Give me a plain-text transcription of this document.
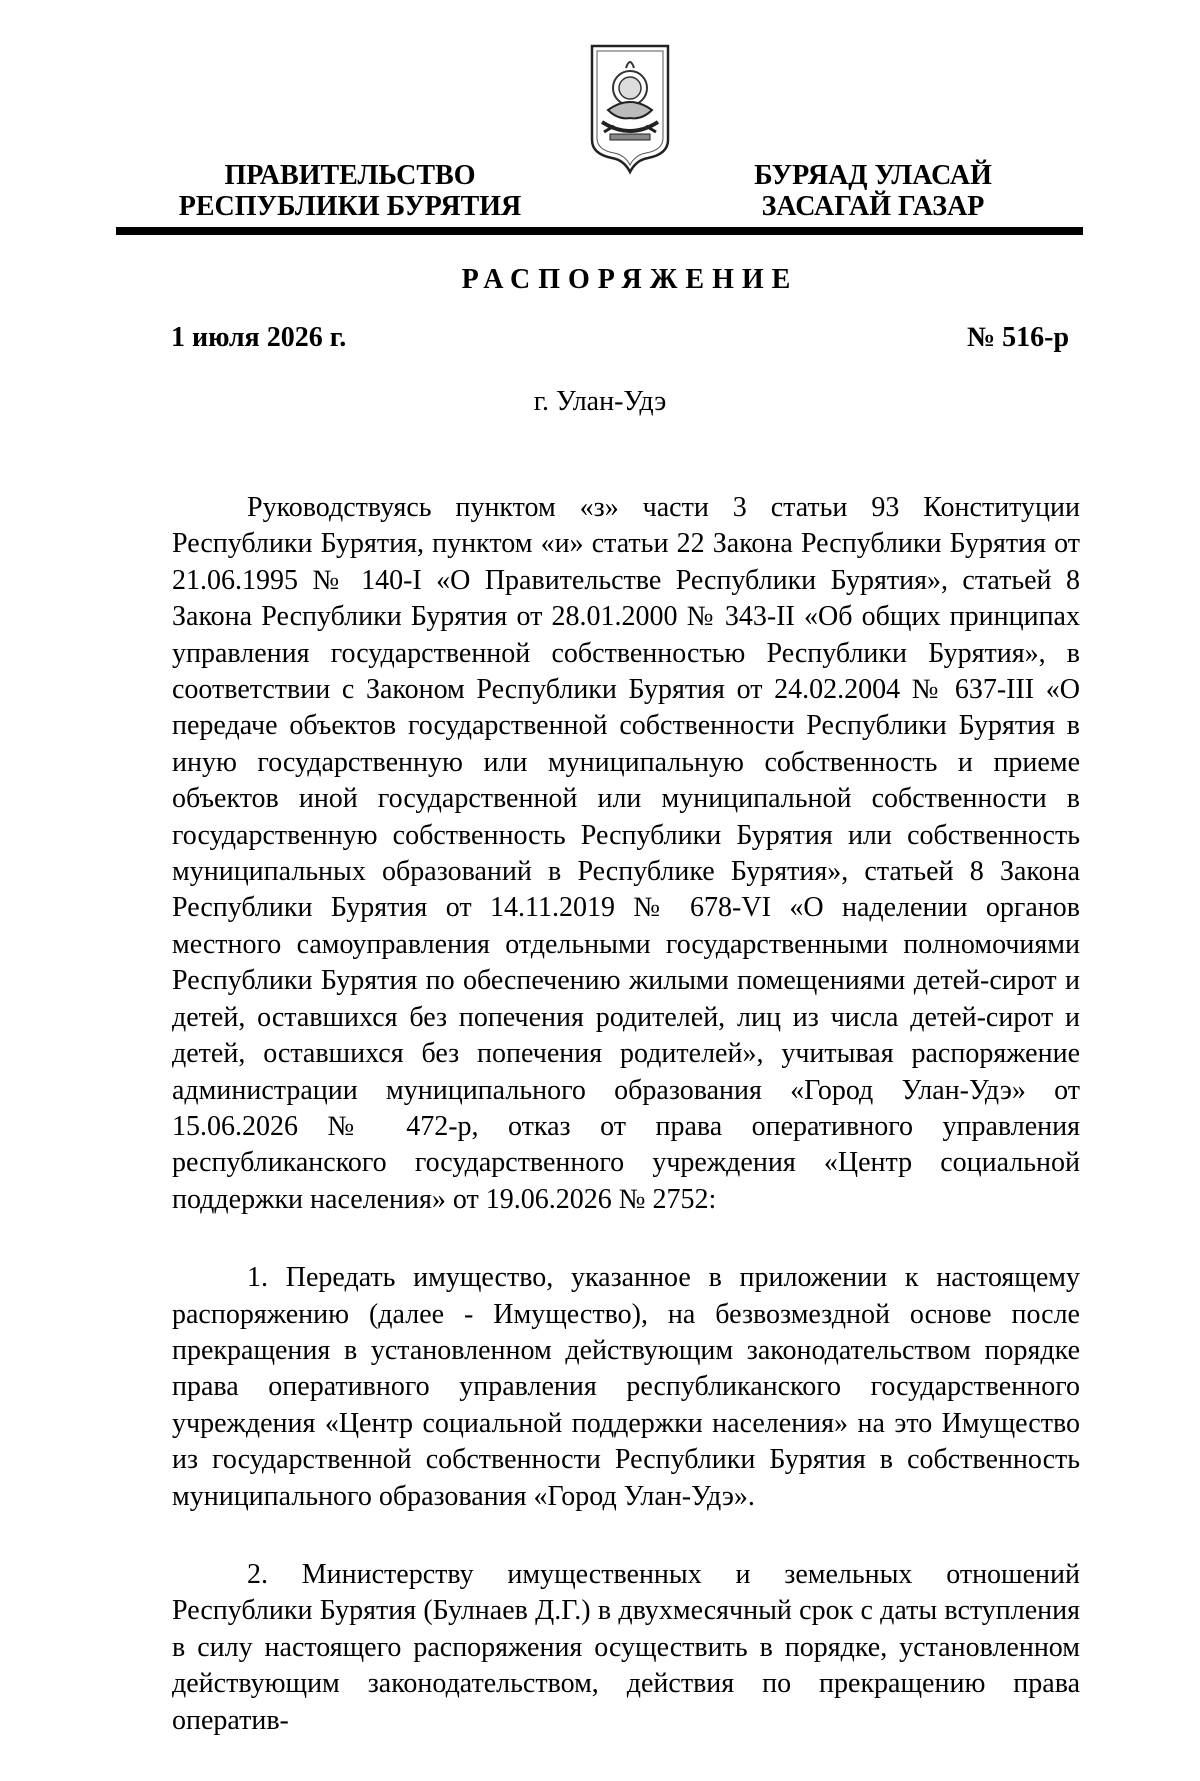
ПРАВИТЕЛЬСТВО
РЕСПУБЛИКИ БУРЯТИЯ
БУРЯАД УЛАСАЙ
ЗАСАГАЙ ГАЗАР
РАСПОРЯЖЕНИЕ
1 июля 2026 г.	№ 516-р
г. Улан-Удэ

Руководствуясь пунктом «з» части 3 статьи 93 Конституции Республики Бурятия, пунктом «и» статьи 22 Закона Республики Бурятия от 21.06.1995 № 140-I «О Правительстве Республики Бурятия», статьей 8 Закона Республики Бурятия от 28.01.2000 № 343-II «Об общих принципах управления государственной собственностью Республики Бурятия», в соответствии с Законом Республики Бурятия от 24.02.2004 № 637-III «О передаче объектов государственной собственности Республики Бурятия в иную государственную или муниципальную собственность и приеме объектов иной государственной или муниципальной собственности в государственную собственность Республики Бурятия или собственность муниципальных образований в Республике Бурятия», статьей 8 Закона Республики Бурятия от 14.11.2019 № 678-VI «О наделении органов местного самоуправления отдельными государственными полномочиями Республики Бурятия по обеспечению жилыми помещениями детей-сирот и детей, оставшихся без попечения родителей, лиц из числа детей-сирот и детей, оставшихся без попечения родителей», учитывая распоряжение администрации муниципального образования «Город Улан-Удэ» от 15.06.2026 № 472-р, отказ от права оперативного управления республиканского государственного учреждения «Центр социальной поддержки населения» от 19.06.2026 № 2752:

1. Передать имущество, указанное в приложении к настоящему распоряжению (далее - Имущество), на безвозмездной основе после прекращения в установленном действующим законодательством порядке права оперативного управления республиканского государственного учреждения «Центр социальной поддержки населения» на это Имущество из государственной собственности Республики Бурятия в собственность муниципального образования «Город Улан-Удэ».

2. Министерству имущественных и земельных отношений Республики Бурятия (Булнаев Д.Г.) в двухмесячный срок с даты вступления в силу настоящего распоряжения осуществить в порядке, установленном действующим законодательством, действия по прекращению права оператив-
